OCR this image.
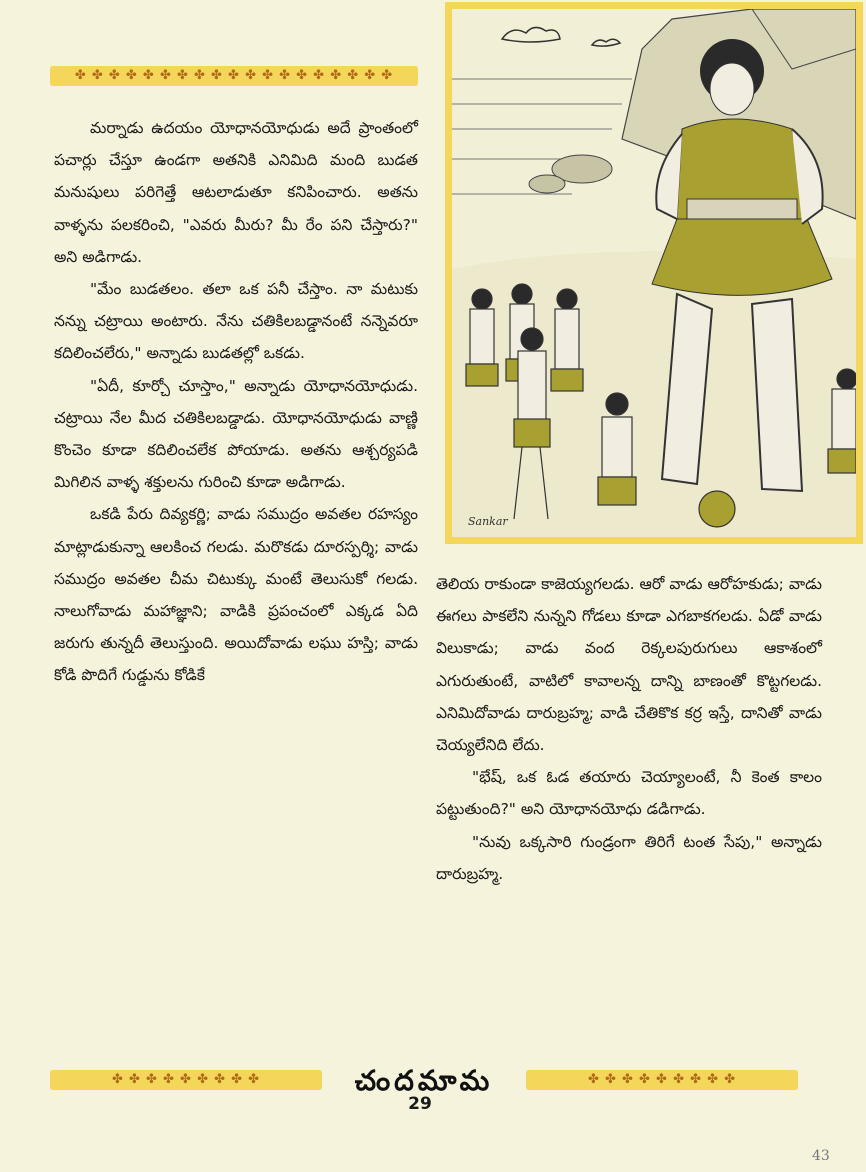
✤ ✤ ✤ ✤ ✤ ✤ ✤ ✤ ✤ ✤ ✤ ✤ ✤ ✤ ✤ ✤ ✤ ✤ ✤
Sankar

మర్నాడు ఉదయం యోధానయోధుడు అదే ప్రాంతంలో పచార్లు చేస్తూ ఉండగా అతనికి ఎనిమిది మంది బుడత మనుషులు పరిగెత్తే ఆటలాడుతూ కనిపించారు. అతను వాళ్ళను పలకరించి, "ఎవరు మీరు? మీ రేం పని చేస్తారు?" అని అడిగాడు.

"మేం బుడతలం. తలా ఒక పనీ చేస్తాం. నా మటుకు నన్ను చట్రాయి అంటారు. నేను చతికిలబడ్డానంటే నన్నెవరూ కదిలించలేరు," అన్నాడు బుడతల్లో ఒకడు.

"ఏదీ, కూర్చో చూస్తాం," అన్నాడు యోధానయోధుడు. చట్రాయి నేల మీద చతికిలబడ్డాడు. యోధానయోధుడు వాణ్ణి కొంచెం కూడా కదిలించలేక పోయాడు. అతను ఆశ్చర్యపడి మిగిలిన వాళ్ళ శక్తులను గురించి కూడా అడిగాడు.

ఒకడి పేరు దివ్యకర్ణి; వాడు సముద్రం అవతల రహస్యం మాట్లాడుకున్నా ఆలకించ గలడు. మరొకడు దూరస్పర్శి; వాడు సముద్రం అవతల చీమ చిటుక్కు మంటే తెలుసుకో గలడు. నాలుగోవాడు మహాజ్ఞాని; వాడికి ప్రపంచంలో ఎక్కడ ఏది జరుగు తున్నదీ తెలుస్తుంది. అయిదోవాడు లఘు హస్తి; వాడు కోడి పొదిగే గుడ్డును కోడికే

తెలియ రాకుండా కాజెయ్యగలడు. ఆరో వాడు ఆరోహకుడు; వాడు ఈగలు పాకలేని నున్నని గోడలు కూడా ఎగబాకగలడు. ఏడో వాడు విలుకాడు; వాడు వంద రెక్కలపురుగులు ఆకాశంలో ఎగురుతుంటే, వాటిలో కావాలన్న దాన్ని బాణంతో కొట్టగలడు. ఎనిమిదోవాడు దారుబ్రహ్మ; వాడి చేతికొక కర్ర ఇస్తే, దానితో వాడు చెయ్యలేనిది లేదు.

"భేష్, ఒక ఓడ తయారు చెయ్యాలంటే, నీ కెంత కాలం పట్టుతుంది?" అని యోధానయోధు డడిగాడు.

"నువు ఒక్కసారి గుండ్రంగా తిరిగే టంత సేపు," అన్నాడు దారుబ్రహ్మ.

✤ ✤ ✤ ✤ ✤ ✤ ✤ ✤ ✤	చందమామ	✤ ✤ ✤ ✤ ✤ ✤ ✤ ✤ ✤
29
43
